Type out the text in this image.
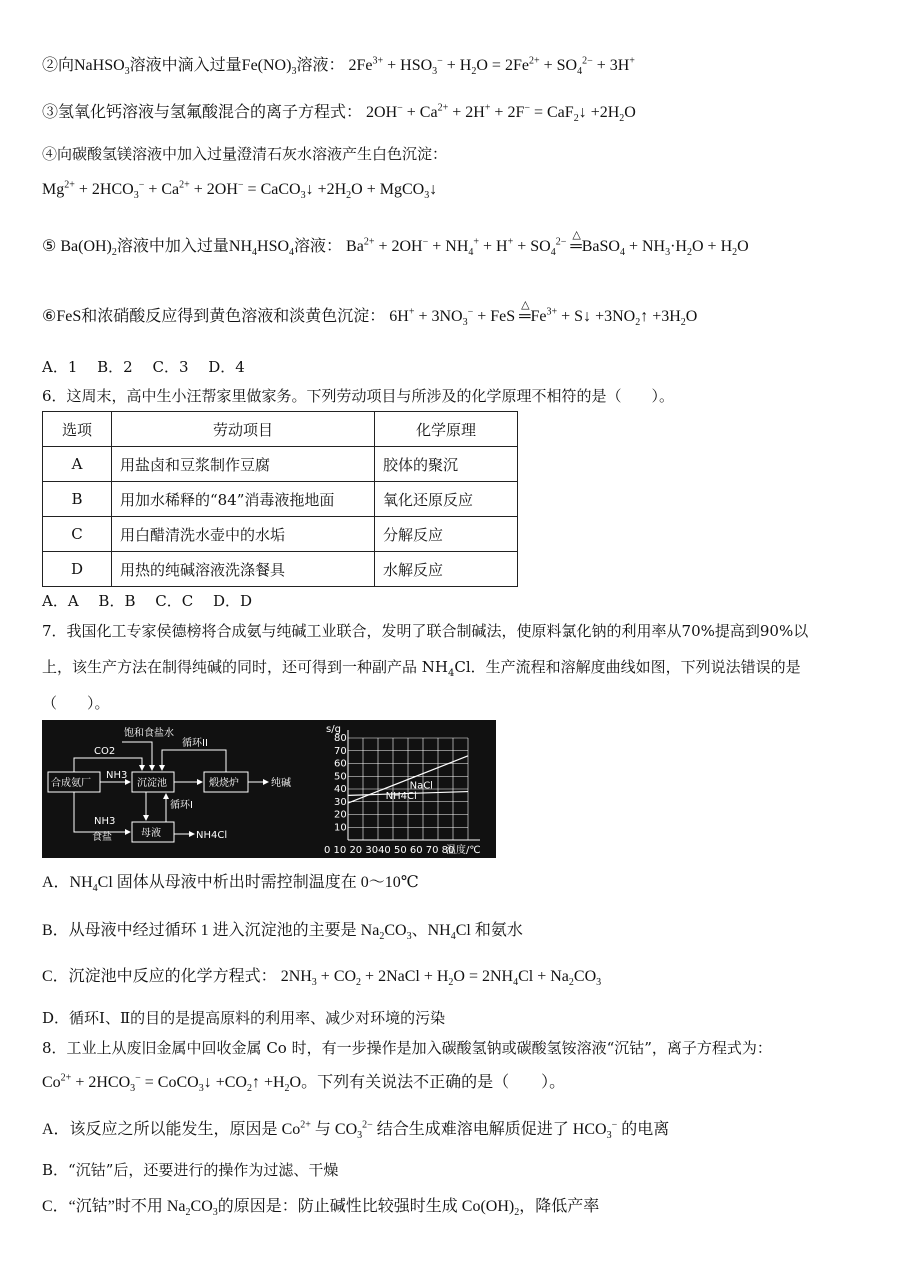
②向NaHSO$_3$溶液中滴入过量$Fe(NO)_3$溶液： $2Fe^{3+} + HSO_3^- + H_2O = 2Fe^{2+} + SO_4^{2-} + 3H^+$
③氢氧化钙溶液与氢氟酸混合的离子方程式： $2OH^- + Ca^{2+} + 2H^+ + 2F^-$ = CaF$_2$↓ $+2H_2O$
④向碳酸氢镁溶液中加入过量澄清石灰水溶液产生白色沉淀：
$Mg^{2+} + 2HCO_3^- + Ca^{2+} + 2OH^-$ = CaCO$_3$↓ $+2H_2O$ + MgCO$_3$↓
⑤ $Ba(OH)_2$溶液中加入过量$NH_4HSO_4$溶液： $Ba^{2+} + 2OH^- + NH_4^+ + H^+ + SO_4^{2-}$ ═
△
BaSO$_4$ + $NH_3\cdot H_2O + H_2O$
⑥FeS和浓硝酸反应得到黄色溶液和淡黄色沉淀： $6H^+ + 3NO_3^-$ + FeS ═
△
$Fe^{3+}$ + S↓ $+3NO_2↑ +3H_2O$
A．1　 B．2　 C．3　 D．4
6．这周末，高中生小汪帮家里做家务。下列劳动项目与所涉及的化学原理不相符的是（　　）。
选项	劳动项目	化学原理
A	用盐卤和豆浆制作豆腐	胶体的聚沉
B	用加水稀释的“84”消毒液拖地面	氧化还原反应
C	用白醋清洗水壶中的水垢	分解反应
D	用热的纯碱溶液洗涤餐具	水解反应
A．A　 B．B　 C．C　 D．D
7．我国化工专家侯德榜将合成氨与纯碱工业联合，发明了联合制碱法，使原料氯化钠的利用率从70%提高到90%以
上，该生产方法在制得纯碱的同时，还可得到一种副产品 $NH_4Cl$．生产流程和溶解度曲线如图，下列说法错误的是
（　　）。
合成氨厂	沉淀池	煅烧炉
母液
纯碱
NH4Cl
CO2
NH3
饱和食盐水
循环II
循环I
NH3
食盐
10
20
30
40
50
60
70
80
NH4Cl
NaCl
s/g
温度/℃
0 10 20 3040 50 60 70 80
A．$NH_4Cl$ 固体从母液中析出时需控制温度在 0～10℃
B．从母液中经过循环 1 进入沉淀池的主要是 $Na_2CO_3$、$NH_4Cl$ 和氨水
C．沉淀池中反应的化学方程式： $2NH_3 + CO_2$ + 2NaCl + $H_2O = 2NH_4Cl + Na_2CO_3$
D．循环Ⅰ、Ⅱ的目的是提高原料的利用率、减少对环境的污染
8．工业上从废旧金属中回收金属 Co 时，有一步操作是加入碳酸氢钠或碳酸氢铵溶液“沉钴”，离子方程式为：
$Co^{2+} + 2HCO_3^-$ = CoCO$_3$↓ $+CO_2↑ +H_2O$。下列有关说法不正确的是（　　）。
A．该反应之所以能发生，原因是 $Co^{2+}$ 与 $CO_3^{2-}$ 结合生成难溶电解质促进了 $HCO_3^-$ 的电离
B．“沉钴”后，还要进行的操作为过滤、干燥
C．“沉钴”时不用 $Na_2CO_3$的原因是：防止碱性比较强时生成 $Co(OH)_2$，降低产率
